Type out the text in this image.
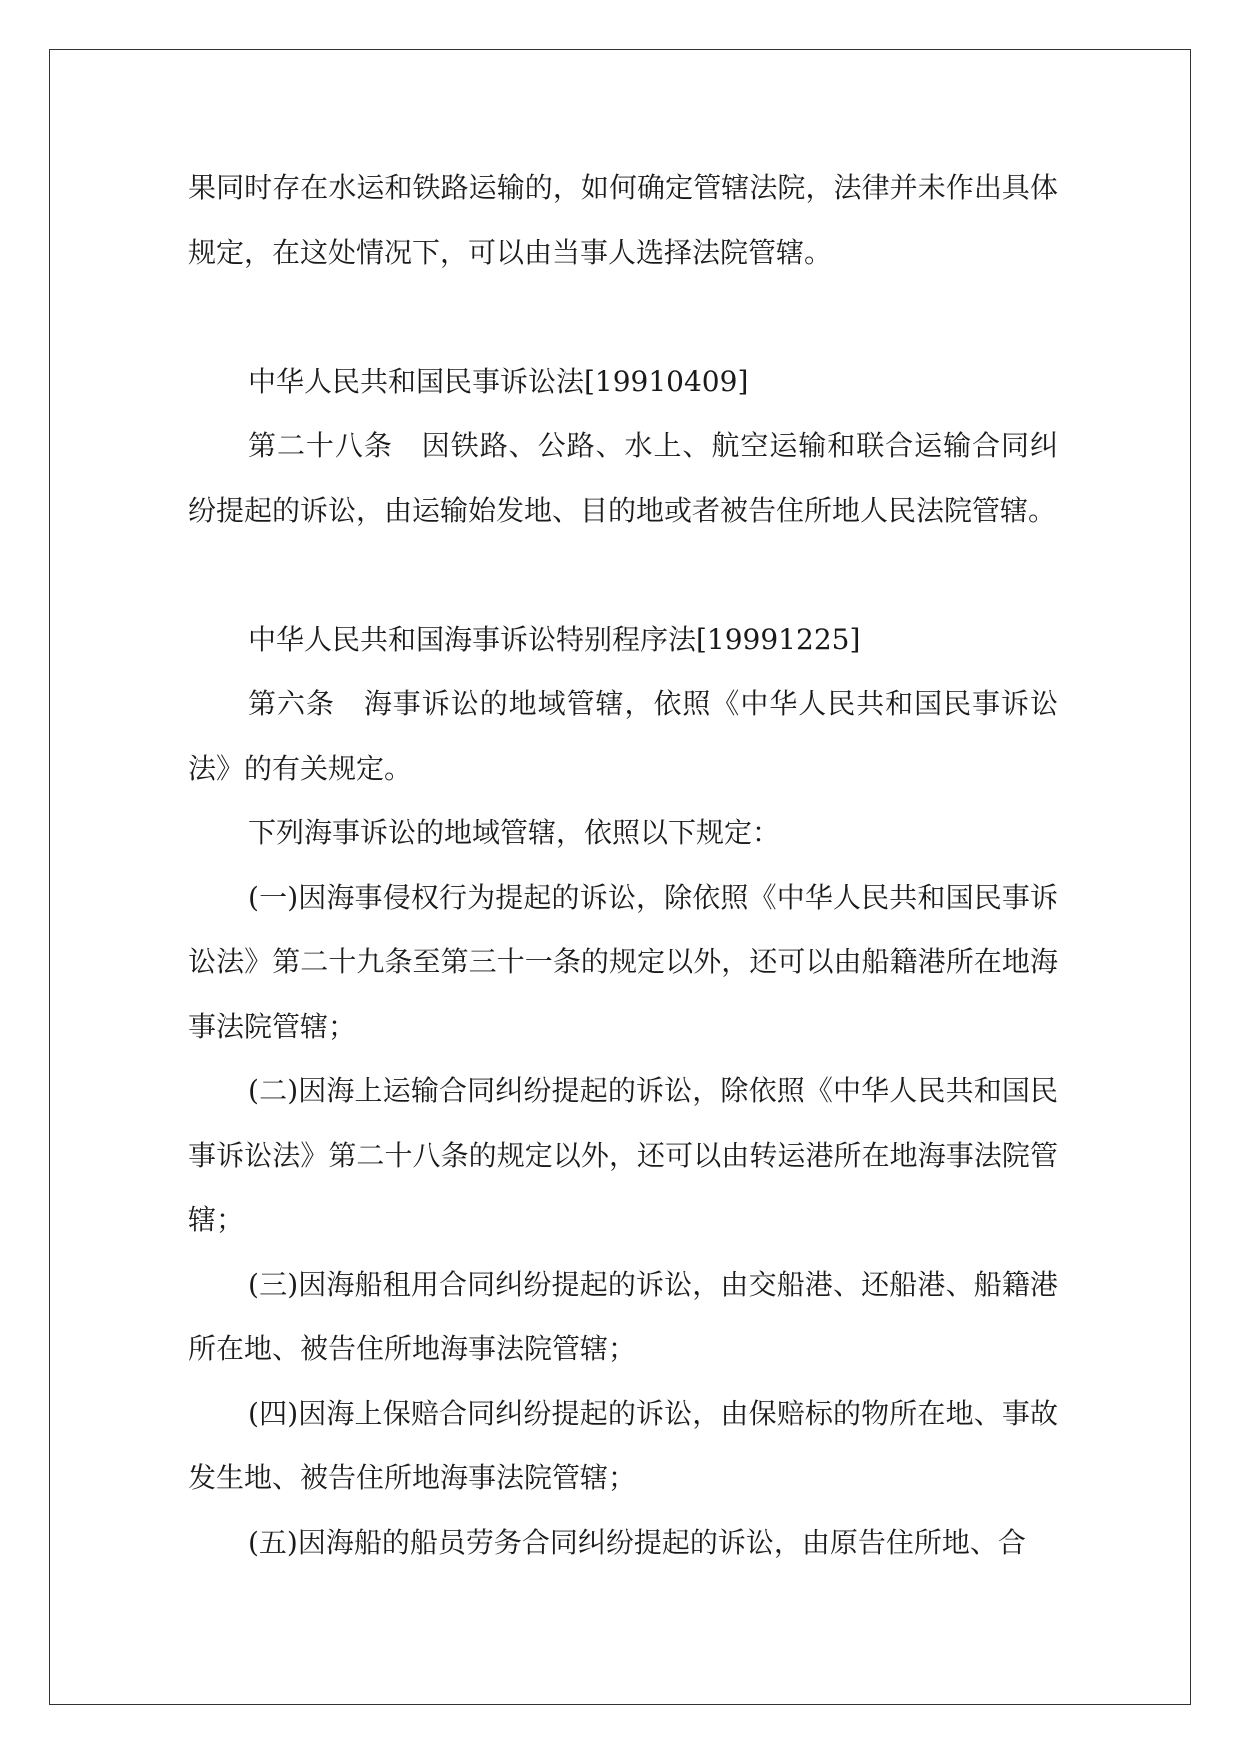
果同时存在水运和铁路运输的，如何确定管辖法院，法律并未作出具体规定，在这处情况下，可以由当事人选择法院管辖。

中华人民共和国民事诉讼法[19910409]

第二十八条　因铁路、公路、水上、航空运输和联合运输合同纠纷提起的诉讼，由运输始发地、目的地或者被告住所地人民法院管辖。

中华人民共和国海事诉讼特别程序法[19991225]

第六条　海事诉讼的地域管辖，依照《中华人民共和国民事诉讼法》的有关规定。

下列海事诉讼的地域管辖，依照以下规定：

(一)因海事侵权行为提起的诉讼，除依照《中华人民共和国民事诉讼法》第二十九条至第三十一条的规定以外，还可以由船籍港所在地海事法院管辖；

(二)因海上运输合同纠纷提起的诉讼，除依照《中华人民共和国民事诉讼法》第二十八条的规定以外，还可以由转运港所在地海事法院管辖；

(三)因海船租用合同纠纷提起的诉讼，由交船港、还船港、船籍港所在地、被告住所地海事法院管辖；

(四)因海上保赔合同纠纷提起的诉讼，由保赔标的物所在地、事故发生地、被告住所地海事法院管辖；

(五)因海船的船员劳务合同纠纷提起的诉讼，由原告住所地、合
